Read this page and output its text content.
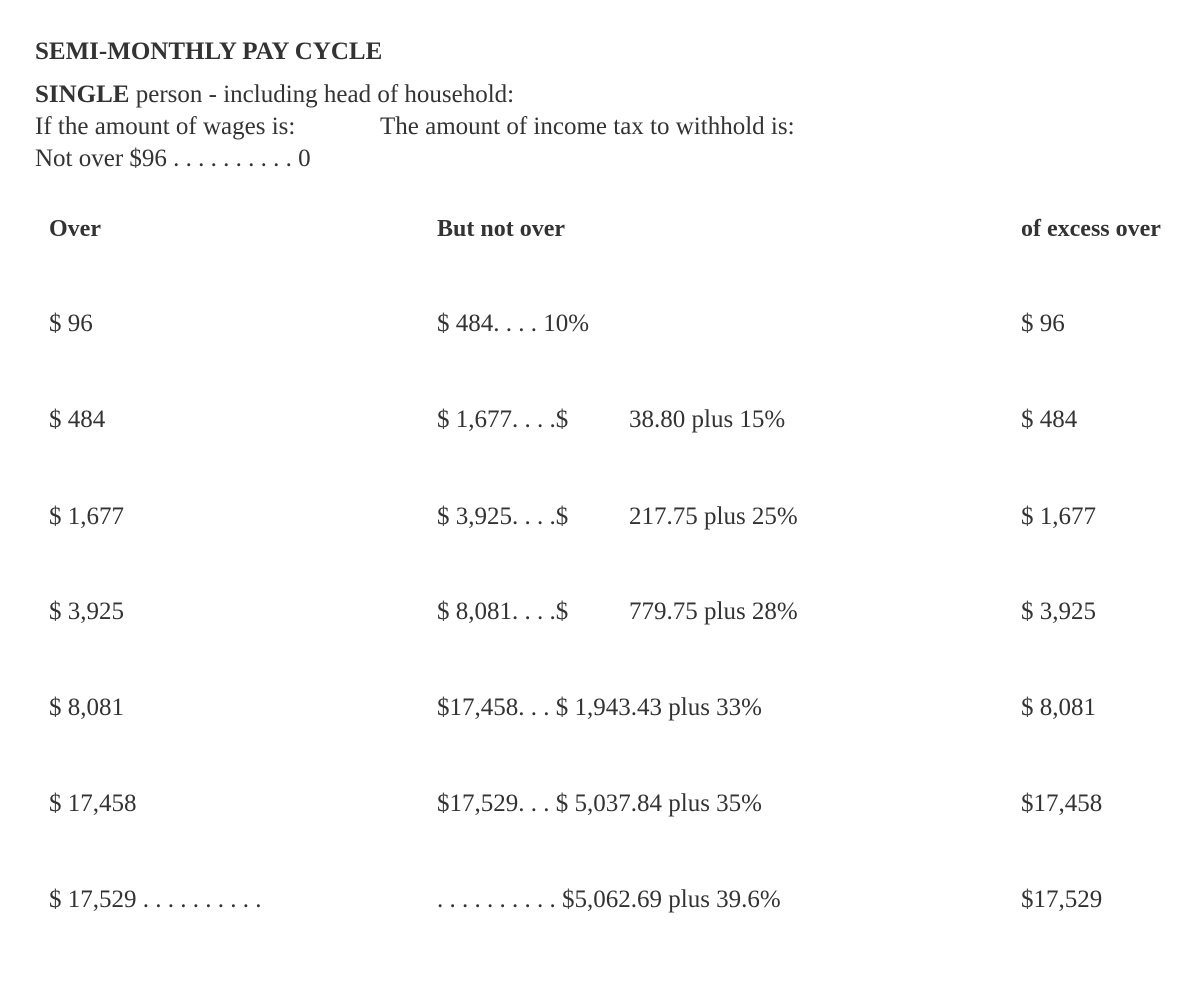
SEMI-MONTHLY PAY CYCLE
SINGLE person - including head of household:
If the amount of wages is:	The amount of income tax to withhold is:
Not over $96 . . . . . . . . . . 0
Over	But not over	of excess over
$ 96	$ 484. . . . 10%	$ 96
$ 484	$ 1,677. . . .$ 38.80 plus 15%	$ 484
$ 1,677	$ 3,925. . . .$ 217.75 plus 25%	$ 1,677
$ 3,925	$ 8,081. . . .$ 779.75 plus 28%	$ 3,925
$ 8,081	$17,458. . . $ 1,943.43 plus 33%	$ 8,081
$ 17,458	$17,529. . . $ 5,037.84 plus 35%	$17,458
$ 17,529 . . . . . . . . . .	. . . . . . . . . . $5,062.69 plus 39.6%	$17,529
